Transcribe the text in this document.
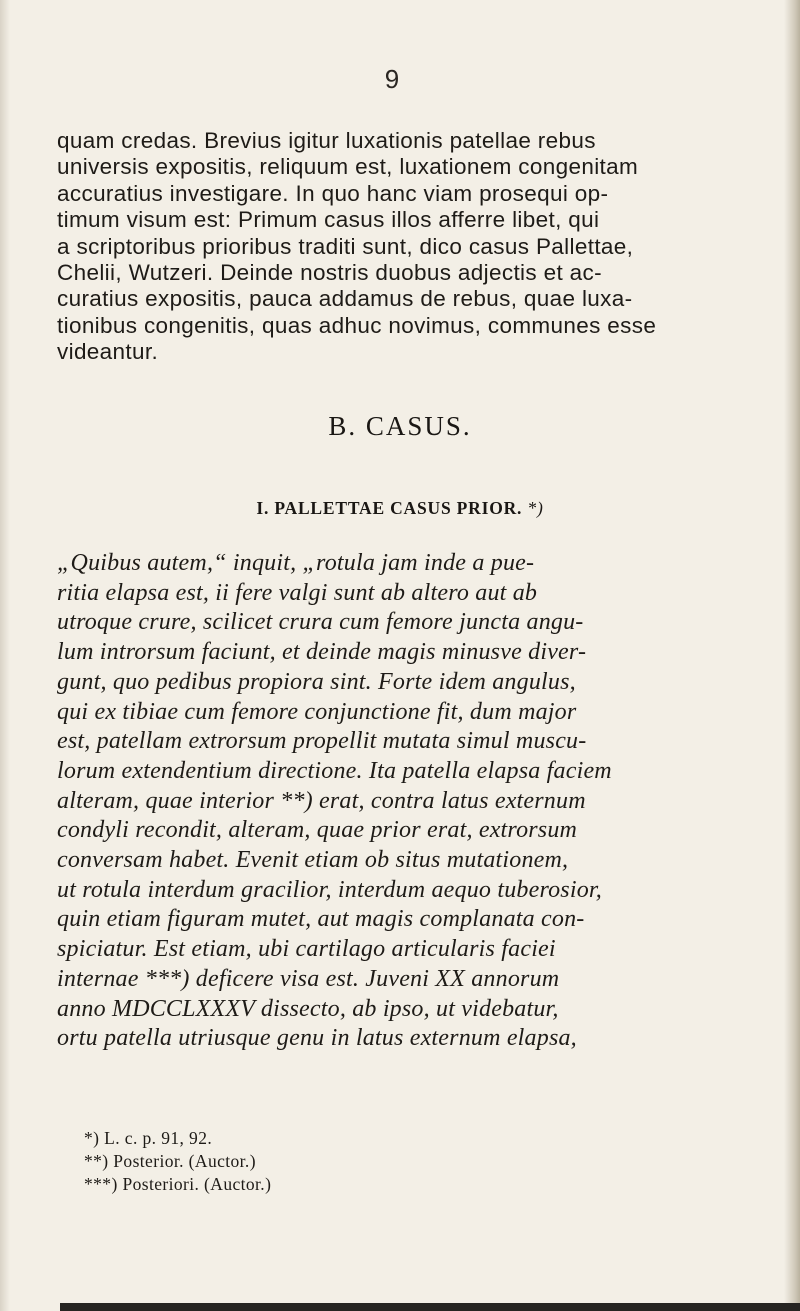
9
quam credas. Brevius igitur luxationis patellae rebus
universis expositis, reliquum est, luxationem congenitam
accuratius investigare. In quo hanc viam prosequi op-
timum visum est: Primum casus illos afferre libet, qui
a scriptoribus prioribus traditi sunt, dico casus Pallettae,
Chelii, Wutzeri. Deinde nostris duobus adjectis et ac-
curatius expositis, pauca addamus de rebus, quae luxa-
tionibus congenitis, quas adhuc novimus, communes esse
videantur.
B. CASUS.
I. PALLETTAE CASUS PRIOR. *)
„Quibus autem,“ inquit, „rotula jam inde a pue-
ritia elapsa est, ii fere valgi sunt ab altero aut ab
utroque crure, scilicet crura cum femore juncta angu-
lum introrsum faciunt, et deinde magis minusve diver-
gunt, quo pedibus propiora sint. Forte idem angulus,
qui ex tibiae cum femore conjunctione fit, dum major
est, patellam extrorsum propellit mutata simul muscu-
lorum extendentium directione. Ita patella elapsa faciem
alteram, quae interior **) erat, contra latus externum
condyli recondit, alteram, quae prior erat, extrorsum
conversam habet. Evenit etiam ob situs mutationem,
ut rotula interdum gracilior, interdum aequo tuberosior,
quin etiam figuram mutet, aut magis complanata con-
spiciatur. Est etiam, ubi cartilago articularis faciei
internae ***) deficere visa est. Juveni XX annorum
anno MDCCLXXXV dissecto, ab ipso, ut videbatur,
ortu patella utriusque genu in latus externum elapsa,
*) L. c. p. 91, 92.
**) Posterior. (Auctor.)
***) Posteriori. (Auctor.)
